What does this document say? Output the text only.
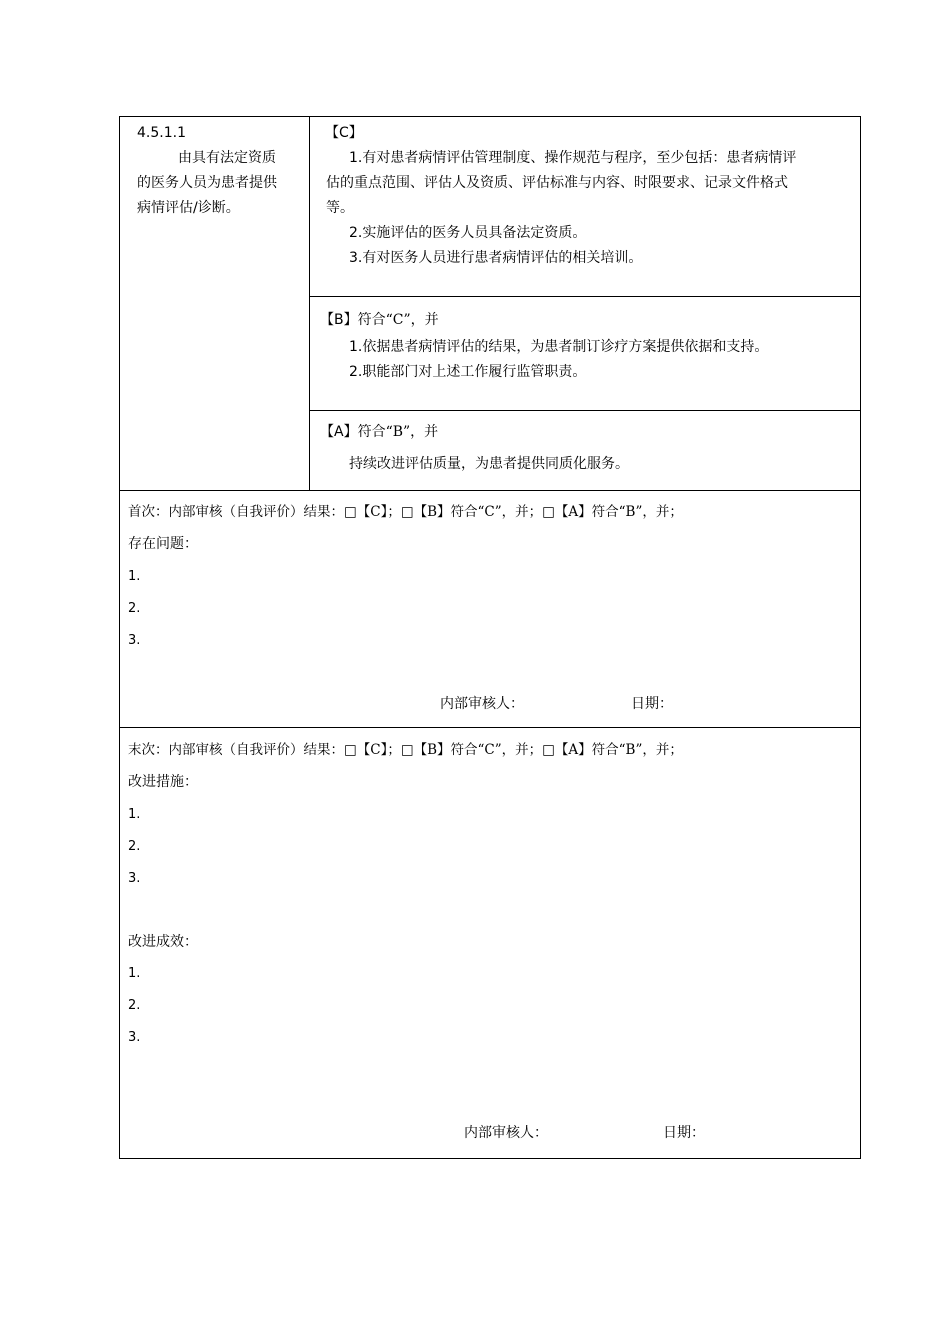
4.5.1.1
由具有法定资质
的医务人员为患者提供
病情评估/诊断。
【C】
1.有对患者病情评估管理制度、操作规范与程序，至少包括：患者病情评
估的重点范围、评估人及资质、评估标准与内容、时限要求、记录文件格式
等。
2.实施评估的医务人员具备法定资质。
3.有对医务人员进行患者病情评估的相关培训。
【B】符合“C”，并
1.依据患者病情评估的结果，为患者制订诊疗方案提供依据和支持。
2.职能部门对上述工作履行监管职责。
【A】符合“B”，并
持续改进评估质量，为患者提供同质化服务。
首次：内部审核（自我评价）结果：□【C】；□【B】符合“C”，并；□【A】符合“B”，并；
存在问题：
1.
2.
3.
内部审核人：	日期：
末次：内部审核（自我评价）结果：□【C】；□【B】符合“C”，并；□【A】符合“B”，并；
改进措施：
1.
2.
3.
改进成效：
1.
2.
3.
内部审核人：	日期：
